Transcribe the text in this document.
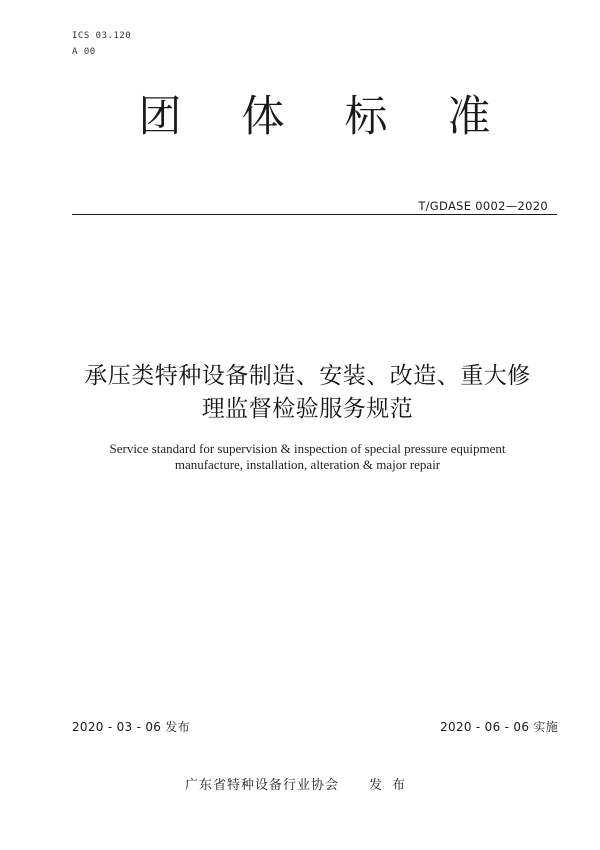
ICS 03.120
A 00
团体标准
T/GDASE 0002—2020
承压类特种设备制造、安装、改造、重大修
理监督检验服务规范
Service standard for supervision & inspection of special pressure equipment
manufacture, installation, alteration & major repair
2020 - 03 - 06 发布	2020 - 06 - 06 实施
广东省特种设备行业协会 发布
